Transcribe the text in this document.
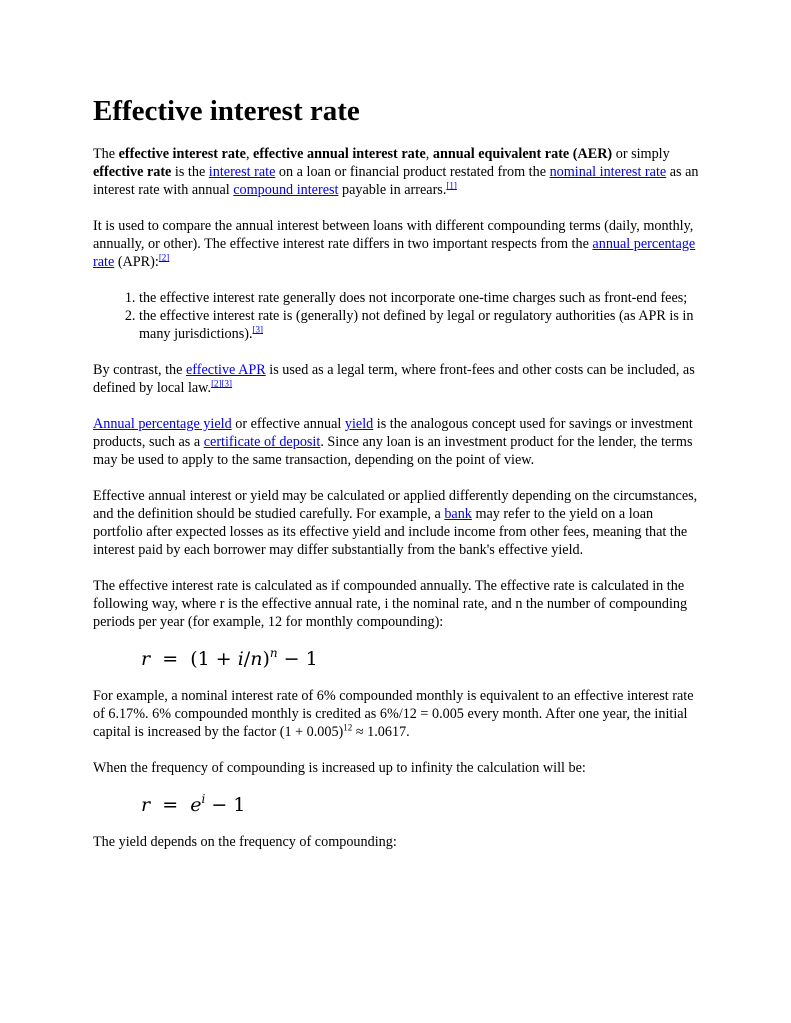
Effective interest rate

The effective interest rate, effective annual interest rate, annual equivalent rate (AER) or simply effective rate is the interest rate on a loan or financial product restated from the nominal interest rate as an interest rate with annual compound interest payable in arrears.[1]

It is used to compare the annual interest between loans with different compounding terms (daily, monthly, annually, or other). The effective interest rate differs in two important respects from the annual percentage rate (APR):[2]

1. the effective interest rate generally does not incorporate one-time charges such as front-end fees;
2. the effective interest rate is (generally) not defined by legal or regulatory authorities (as APR is in many jurisdictions).[3]

By contrast, the effective APR is used as a legal term, where front-fees and other costs can be included, as defined by local law.[2][3]

Annual percentage yield or effective annual yield is the analogous concept used for savings or investment products, such as a certificate of deposit. Since any loan is an investment product for the lender, the terms may be used to apply to the same transaction, depending on the point of view.

Effective annual interest or yield may be calculated or applied differently depending on the circumstances, and the definition should be studied carefully. For example, a bank may refer to the yield on a loan portfolio after expected losses as its effective yield and include income from other fees, meaning that the interest paid by each borrower may differ substantially from the bank's effective yield.

The effective interest rate is calculated as if compounded annually. The effective rate is calculated in the following way, where r is the effective annual rate, i the nominal rate, and n the number of compounding periods per year (for example, 12 for monthly compounding):

$r = (1 + i/n)^n - 1$

For example, a nominal interest rate of 6% compounded monthly is equivalent to an effective interest rate of 6.17%. 6% compounded monthly is credited as 6%/12 = 0.005 every month. After one year, the initial capital is increased by the factor $(1 + 0.005)^{12} \approx 1.0617$.

When the frequency of compounding is increased up to infinity the calculation will be:

$r = e^i - 1$

The yield depends on the frequency of compounding:
